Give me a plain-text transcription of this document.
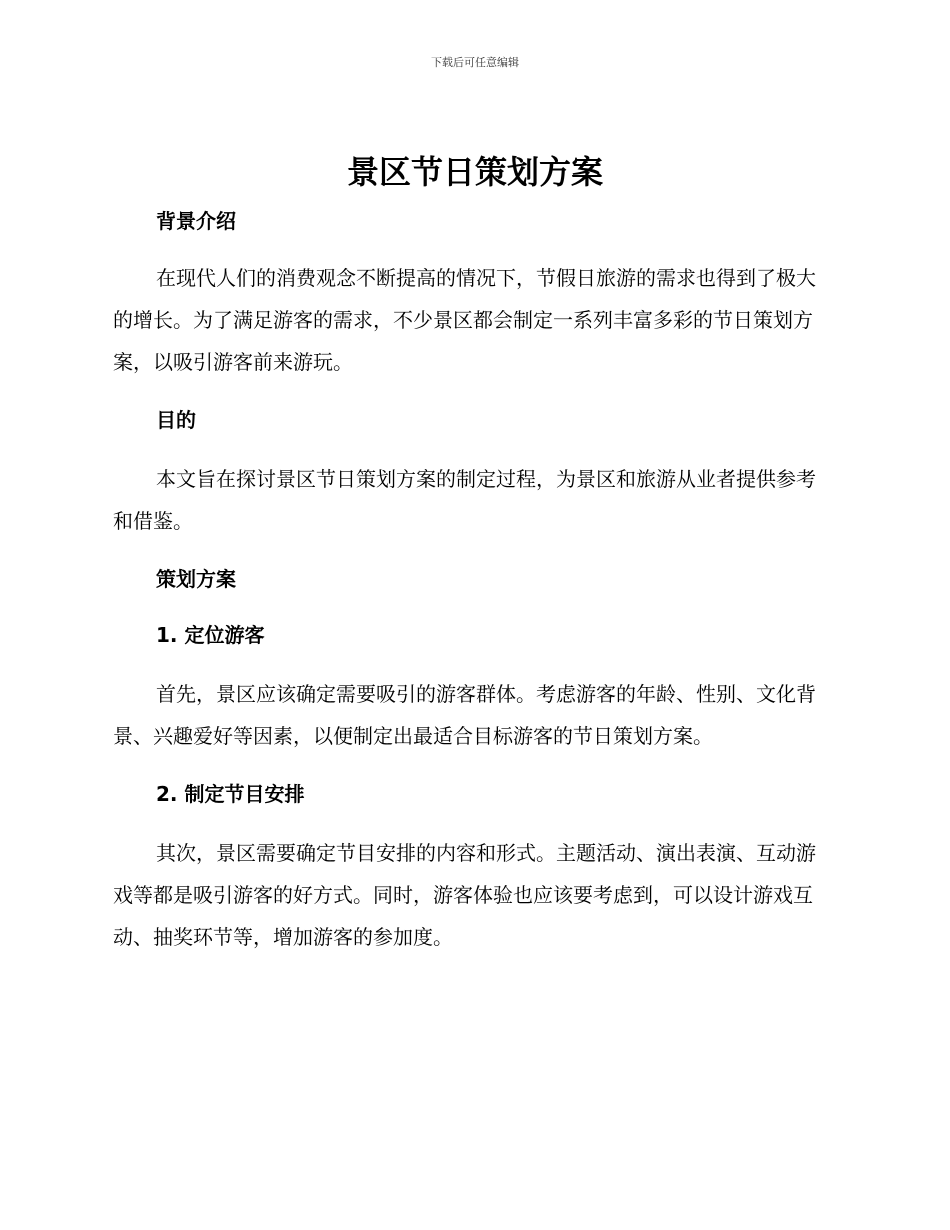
下载后可任意编辑
景区节日策划方案

背景介绍

在现代人们的消费观念不断提高的情况下，节假日旅游的需求也得到了极大的增长。为了满足游客的需求，不少景区都会制定一系列丰富多彩的节日策划方案，以吸引游客前来游玩。

目的

本文旨在探讨景区节日策划方案的制定过程，为景区和旅游从业者提供参考和借鉴。

策划方案

1. 定位游客

首先，景区应该确定需要吸引的游客群体。考虑游客的年龄、性别、文化背景、兴趣爱好等因素，以便制定出最适合目标游客的节日策划方案。

2. 制定节目安排

其次，景区需要确定节目安排的内容和形式。主题活动、演出表演、互动游戏等都是吸引游客的好方式。同时，游客体验也应该要考虑到，可以设计游戏互动、抽奖环节等，增加游客的参加度。
